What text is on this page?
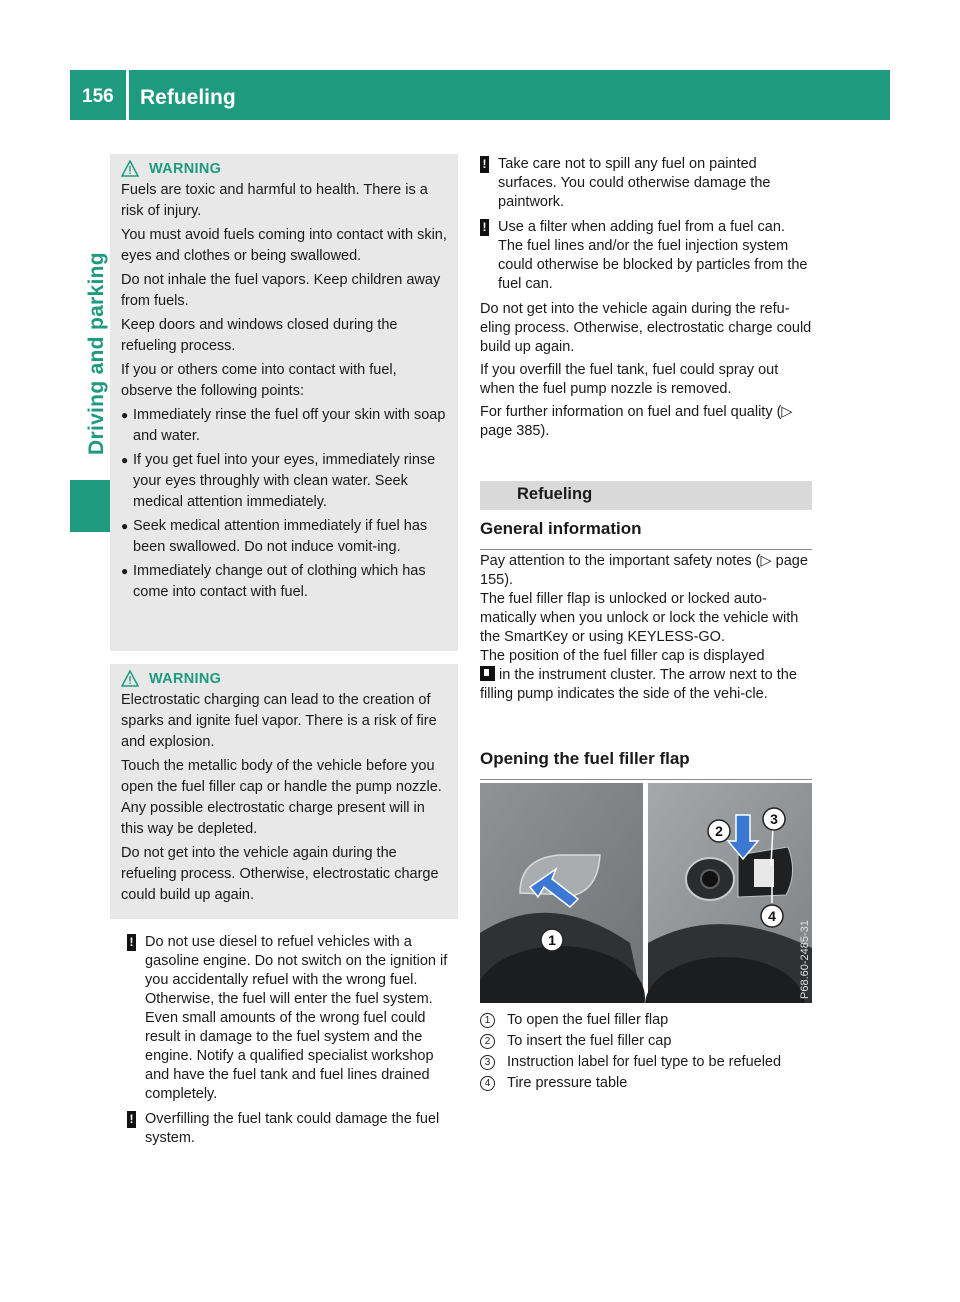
156 Refueling
Driving and parking
WARNING
Fuels are toxic and harmful to health. There is a risk of injury.
You must avoid fuels coming into contact with skin, eyes and clothes or being swallowed.
Do not inhale the fuel vapors. Keep children away from fuels.
Keep doors and windows closed during the refueling process.
If you or others come into contact with fuel, observe the following points:
● Immediately rinse the fuel off your skin with soap and water.
● If you get fuel into your eyes, immediately rinse your eyes throughly with clean water. Seek medical attention immediately.
● Seek medical attention immediately if fuel has been swallowed. Do not induce vomit-ing.
● Immediately change out of clothing which has come into contact with fuel.
WARNING
Electrostatic charging can lead to the creation of sparks and ignite fuel vapor. There is a risk of fire and explosion.
Touch the metallic body of the vehicle before you open the fuel filler cap or handle the pump nozzle. Any possible electrostatic charge present will in this way be depleted.
Do not get into the vehicle again during the refueling process. Otherwise, electrostatic charge could build up again.
! Do not use diesel to refuel vehicles with a gasoline engine. Do not switch on the ignition if you accidentally refuel with the wrong fuel. Otherwise, the fuel will enter the fuel system. Even small amounts of the wrong fuel could result in damage to the fuel system and the engine. Notify a qualified specialist workshop and have the fuel tank and fuel lines drained completely.
! Overfilling the fuel tank could damage the fuel system.
! Take care not to spill any fuel on painted surfaces. You could otherwise damage the paintwork.
! Use a filter when adding fuel from a fuel can. The fuel lines and/or the fuel injection system could otherwise be blocked by particles from the fuel can.

Do not get into the vehicle again during the refu-eling process. Otherwise, electrostatic charge could build up again.

If you overfill the fuel tank, fuel could spray out when the fuel pump nozzle is removed.

For further information on fuel and fuel quality (▷ page 385).

Refueling
General information

Pay attention to the important safety notes (▷ page 155).

The fuel filler flap is unlocked or locked auto-matically when you unlock or lock the vehicle with the SmartKey or using KEYLESS-GO.

The position of the fuel filler cap is displayed
in the instrument cluster. The arrow next to the filling pump indicates the side of the vehi-cle.

Opening the fuel filler flap
1
2
3
4
P68.60-2485-31
1	To open the fuel filler flap
2	To insert the fuel filler cap
3	Instruction label for fuel type to be refueled
4	Tire pressure table
